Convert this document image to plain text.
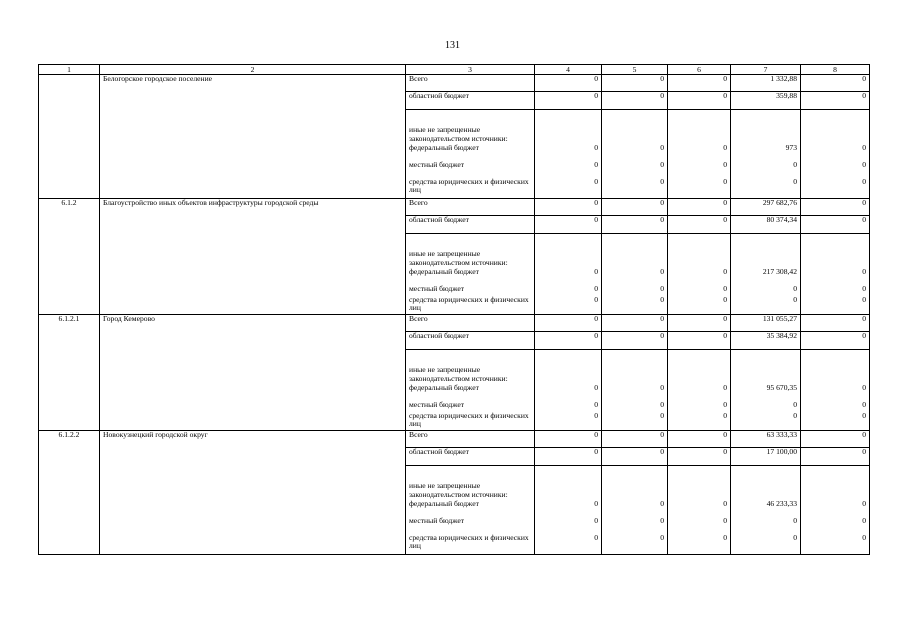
131
1	2	3	4	5	6	7	8
	Белогорское городское поселение	Всего	0	0	0	1 332,88	0
		областной бюджет	0	0	0	359,88	0
		иные не запрещенные законодательством источники:					
		федеральный бюджет	0	0	0	973	0
		местный бюджет	0	0	0	0	0
		средства юридических и физических лиц	0	0	0	0	0
6.1.2	Благоустройство иных объектов инфраструктуры городской среды	Всего	0	0	0	297 682,76	0
		областной бюджет	0	0	0	80 374,34	0
		иные не запрещенные законодательством источники:					
		федеральный бюджет	0	0	0	217 308,42	0
		местный бюджет	0	0	0	0	0
		средства юридических и физических лиц	0	0	0	0	0
6.1.2.1	Город Кемерово	Всего	0	0	0	131 055,27	0
		областной бюджет	0	0	0	35 384,92	0
		иные не запрещенные законодательством источники:					
		федеральный бюджет	0	0	0	95 670,35	0
		местный бюджет	0	0	0	0	0
		средства юридических и физических лиц	0	0	0	0	0
6.1.2.2	Новокузнецкий городской округ	Всего	0	0	0	63 333,33	0
		областной бюджет	0	0	0	17 100,00	0
		иные не запрещенные законодательством источники:					
		федеральный бюджет	0	0	0	46 233,33	0
		местный бюджет	0	0	0	0	0
		средства юридических и физических лиц	0	0	0	0	0
